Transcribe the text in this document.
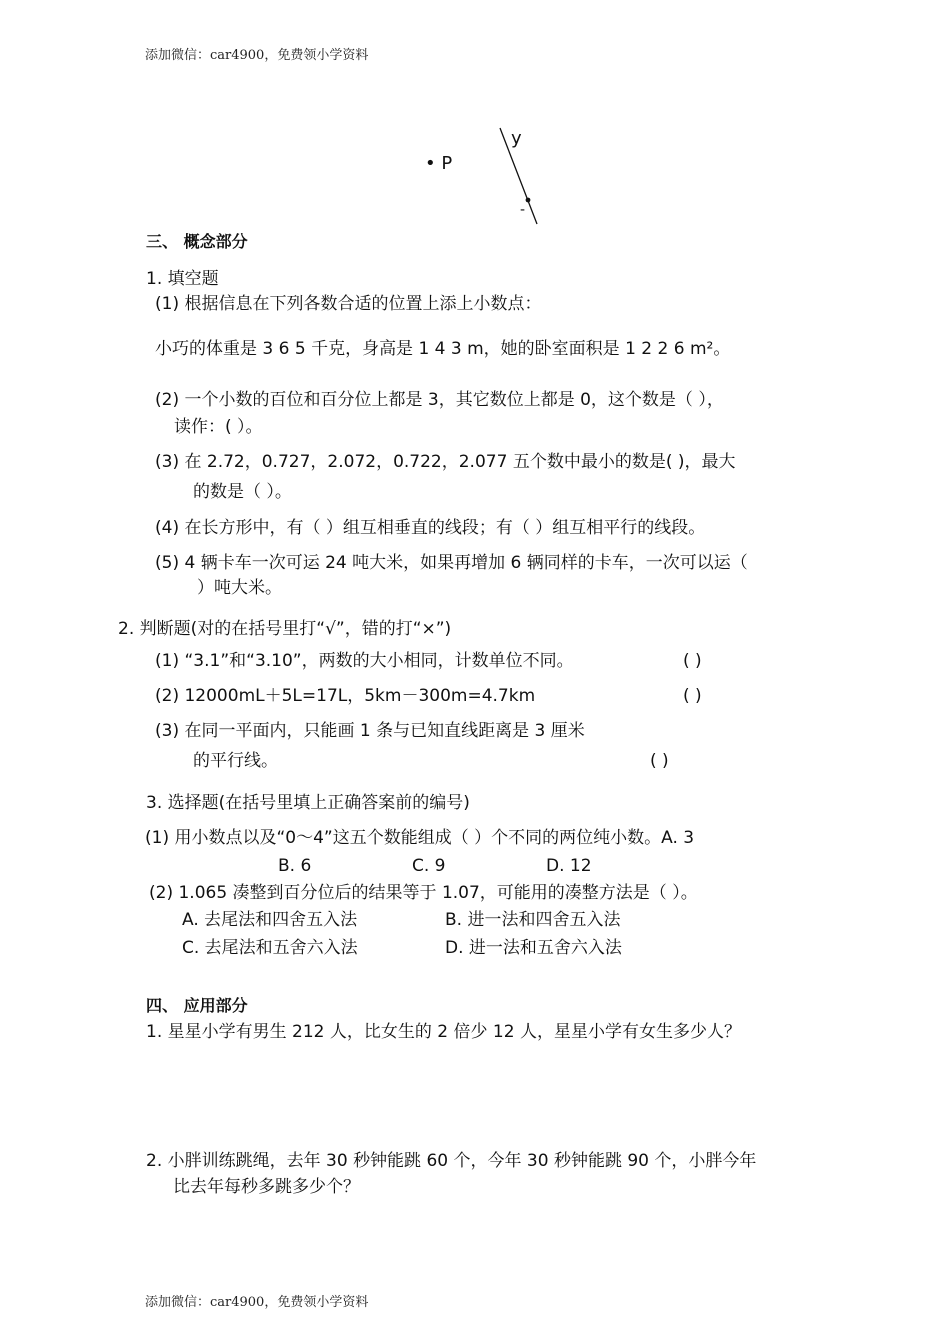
添加微信：car4900，免费领小学资料
• P
y
-
三、 概念部分
1. 填空题
(1) 根据信息在下列各数合适的位置上添上小数点：
小巧的体重是 3 6 5 千克，身高是 1 4 3 m，她的卧室面积是 1 2 2 6 m²。
(2) 一个小数的百位和百分位上都是 3，其它数位上都是 0，这个数是（ ），
读作：( ）。
(3) 在 2.72，0.727，2.072，0.722，2.077 五个数中最小的数是( )，最大
的数是（ ）。
(4) 在长方形中，有（ ）组互相垂直的线段；有（ ）组互相平行的线段。
(5) 4 辆卡车一次可运 24 吨大米，如果再增加 6 辆同样的卡车，一次可以运（
）吨大米。
2. 判断题(对的在括号里打“√”，错的打“×”)
(1) “3.1”和“3.10”，两数的大小相同，计数单位不同。	( )
(2) 12000mL＋5L=17L，5km－300m=4.7km	( )
(3) 在同一平面内，只能画 1 条与已知直线距离是 3 厘米
的平行线。	( )
3. 选择题(在括号里填上正确答案前的编号)
(1) 用小数点以及“0～4”这五个数能组成（ ）个不同的两位纯小数。A. 3
B. 6	C. 9	D. 12
(2) 1.065 凑整到百分位后的结果等于 1.07，可能用的凑整方法是（ ）。
A. 去尾法和四舍五入法	B. 进一法和四舍五入法
C. 去尾法和五舍六入法	D. 进一法和五舍六入法
四、 应用部分
1. 星星小学有男生 212 人，比女生的 2 倍少 12 人，星星小学有女生多少人？
2. 小胖训练跳绳，去年 30 秒钟能跳 60 个，今年 30 秒钟能跳 90 个，小胖今年
比去年每秒多跳多少个？
添加微信：car4900，免费领小学资料
